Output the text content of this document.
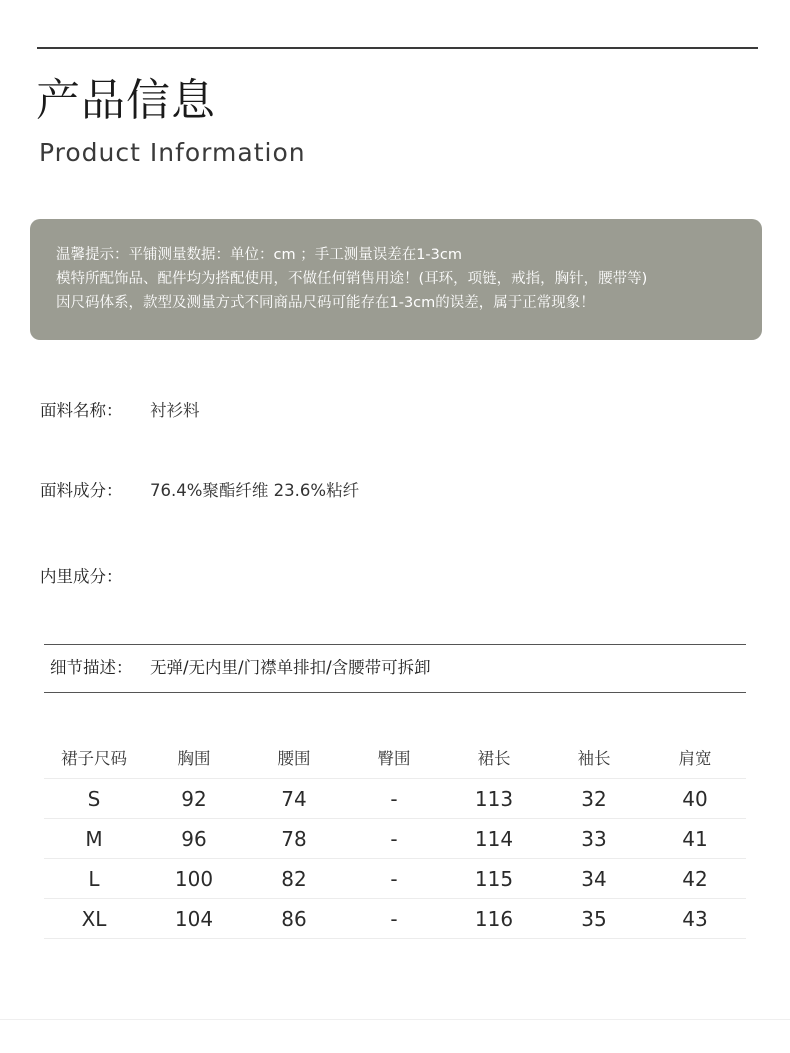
产品信息
Product Information
温馨提示：平铺测量数据：单位：cm ；手工测量误差在1-3cm
模特所配饰品、配件均为搭配使用，不做任何销售用途！(耳环，项链，戒指，胸针，腰带等)
因尺码体系，款型及测量方式不同商品尺码可能存在1-3cm的误差，属于正常现象！
面料名称： 衬衫料
面料成分： 76.4%聚酯纤维 23.6%粘纤
内里成分：
细节描述： 无弹/无内里/门襟单排扣/含腰带可拆卸
裙子尺码	胸围	腰围	臀围	裙长	袖长	肩宽
S	92	74	-	113	32	40
M	96	78	-	114	33	41
L	100	82	-	115	34	42
XL	104	86	-	116	35	43
